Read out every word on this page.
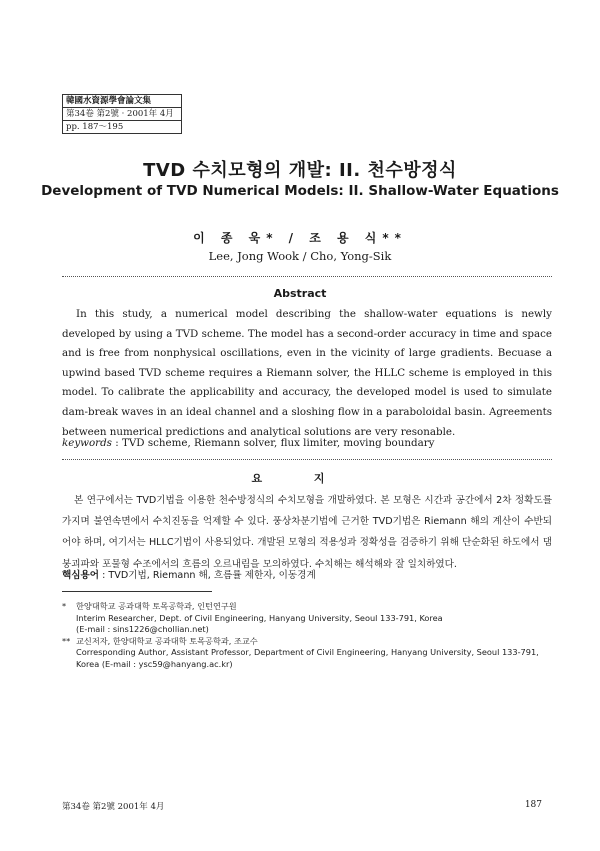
韓國水資源學會論文集
第34卷 第2號 · 2001年 4月
pp. 187～195
TVD 수치모형의 개발: II. 천수방정식
Development of TVD Numerical Models: II. Shallow-Water Equations
이 종 욱* / 조 용 식**
Lee, Jong Wook / Cho, Yong-Sik
Abstract
In this study, a numerical model describing the shallow-water equations is newly developed by using a TVD scheme. The model has a second-order accuracy in time and space and is free from nonphysical oscillations, even in the vicinity of large gradients. Becuase a upwind based TVD scheme requires a Riemann solver, the HLLC scheme is employed in this model. To calibrate the applicability and accuracy, the developed model is used to simulate dam-break waves in an ideal channel and a sloshing flow in a paraboloidal basin. Agreements between numerical predictions and analytical solutions are very resonable.
keywords : TVD scheme, Riemann solver, flux limiter, moving boundary
요 지
본 연구에서는 TVD기법을 이용한 천수방정식의 수치모형을 개발하였다. 본 모형은 시간과 공간에서 2차 정확도를 가지며 불연속면에서 수치진동을 억제할 수 있다. 풍상차분기법에 근거한 TVD기법은 Riemann 해의 계산이 수반되어야 하며, 여기서는 HLLC기법이 사용되었다. 개발된 모형의 적용성과 정확성을 검증하기 위해 단순화된 하도에서 댐 붕괴파와 포물형 수조에서의 흐름의 오르내림을 모의하였다. 수치해는 해석해와 잘 일치하였다.
핵심용어 : TVD기법, Riemann 해, 흐름률 제한자, 이동경계
* 한양대학교 공과대학 토목공학과, 인턴연구원
Interim Researcher, Dept. of Civil Engineering, Hanyang University, Seoul 133-791, Korea
(E-mail : sins1226@chollian.net)
** 교신저자, 한양대학교 공과대학 토목공학과, 조교수
Corresponding Author, Assistant Professor, Department of Civil Engineering, Hanyang University, Seoul 133-791,
Korea (E-mail : ysc59@hanyang.ac.kr)
第34卷 第2號 2001年 4月	187
